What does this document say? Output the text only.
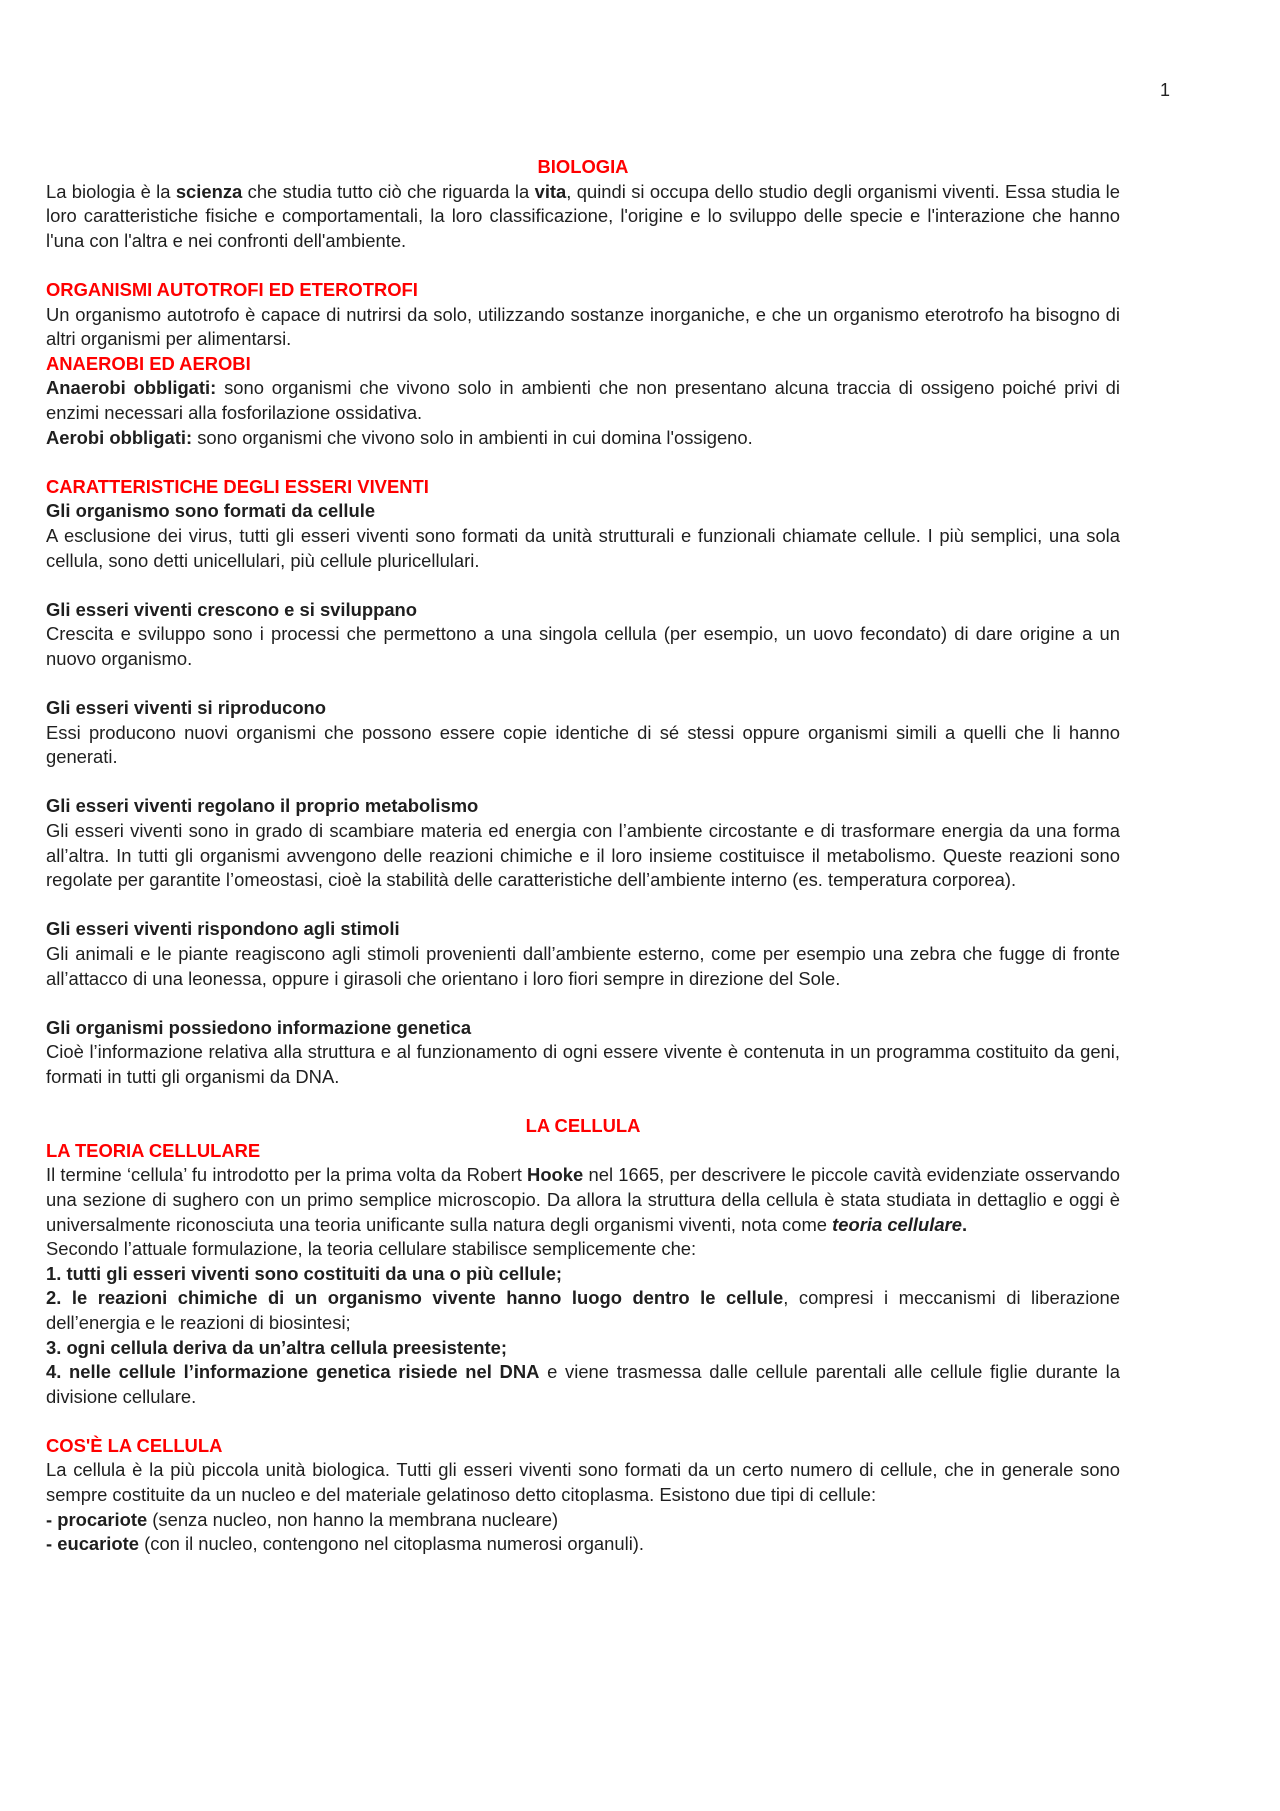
1

BIOLOGIA

La biologia è la scienza che studia tutto ciò che riguarda la vita, quindi si occupa dello studio degli organismi viventi. Essa studia le loro caratteristiche fisiche e comportamentali, la loro classificazione, l'origine e lo sviluppo delle specie e l'interazione che hanno l'una con l'altra e nei confronti dell'ambiente.

ORGANISMI AUTOTROFI ED ETEROTROFI

Un organismo autotrofo è capace di nutrirsi da solo, utilizzando sostanze inorganiche, e che un organismo eterotrofo ha bisogno di altri organismi per alimentarsi.

ANAEROBI ED AEROBI

Anaerobi obbligati: sono organismi che vivono solo in ambienti che non presentano alcuna traccia di ossigeno poiché privi di enzimi necessari alla fosforilazione ossidativa.

Aerobi obbligati: sono organismi che vivono solo in ambienti in cui domina l'ossigeno.

CARATTERISTICHE DEGLI ESSERI VIVENTI

Gli organismo sono formati da cellule

A esclusione dei virus, tutti gli esseri viventi sono formati da unità strutturali e funzionali chiamate cellule. I più semplici, una sola cellula, sono detti unicellulari, più cellule pluricellulari.

Gli esseri viventi crescono e si sviluppano

Crescita e sviluppo sono i processi che permettono a una singola cellula (per esempio, un uovo fecondato) di dare origine a un nuovo organismo.

Gli esseri viventi si riproducono

Essi producono nuovi organismi che possono essere copie identiche di sé stessi oppure organismi simili a quelli che li hanno generati.

Gli esseri viventi regolano il proprio metabolismo

Gli esseri viventi sono in grado di scambiare materia ed energia con l’ambiente circostante e di trasformare energia da una forma all’altra. In tutti gli organismi avvengono delle reazioni chimiche e il loro insieme costituisce il metabolismo. Queste reazioni sono regolate per garantite l’omeostasi, cioè la stabilità delle caratteristiche dell’ambiente interno (es. temperatura corporea).

Gli esseri viventi rispondono agli stimoli

Gli animali e le piante reagiscono agli stimoli provenienti dall’ambiente esterno, come per esempio una zebra che fugge di fronte all’attacco di una leonessa, oppure i girasoli che orientano i loro fiori sempre in direzione del Sole.

Gli organismi possiedono informazione genetica

Cioè l’informazione relativa alla struttura e al funzionamento di ogni essere vivente è contenuta in un programma costituito da geni, formati in tutti gli organismi da DNA.

LA CELLULA

LA TEORIA CELLULARE

Il termine ‘cellula’ fu introdotto per la prima volta da Robert Hooke nel 1665, per descrivere le piccole cavità evidenziate osservando una sezione di sughero con un primo semplice microscopio. Da allora la struttura della cellula è stata studiata in dettaglio e oggi è universalmente riconosciuta una teoria unificante sulla natura degli organismi viventi, nota come teoria cellulare.

Secondo l’attuale formulazione, la teoria cellulare stabilisce semplicemente che:

1. tutti gli esseri viventi sono costituiti da una o più cellule;

2. le reazioni chimiche di un organismo vivente hanno luogo dentro le cellule, compresi i meccanismi di liberazione dell’energia e le reazioni di biosintesi;

3. ogni cellula deriva da un’altra cellula preesistente;

4. nelle cellule l’informazione genetica risiede nel DNA e viene trasmessa dalle cellule parentali alle cellule figlie durante la divisione cellulare.

COS'È LA CELLULA

La cellula è la più piccola unità biologica. Tutti gli esseri viventi sono formati da un certo numero di cellule, che in generale sono sempre costituite da un nucleo e del materiale gelatinoso detto citoplasma. Esistono due tipi di cellule:

- procariote (senza nucleo, non hanno la membrana nucleare)

- eucariote (con il nucleo, contengono nel citoplasma numerosi organuli).
